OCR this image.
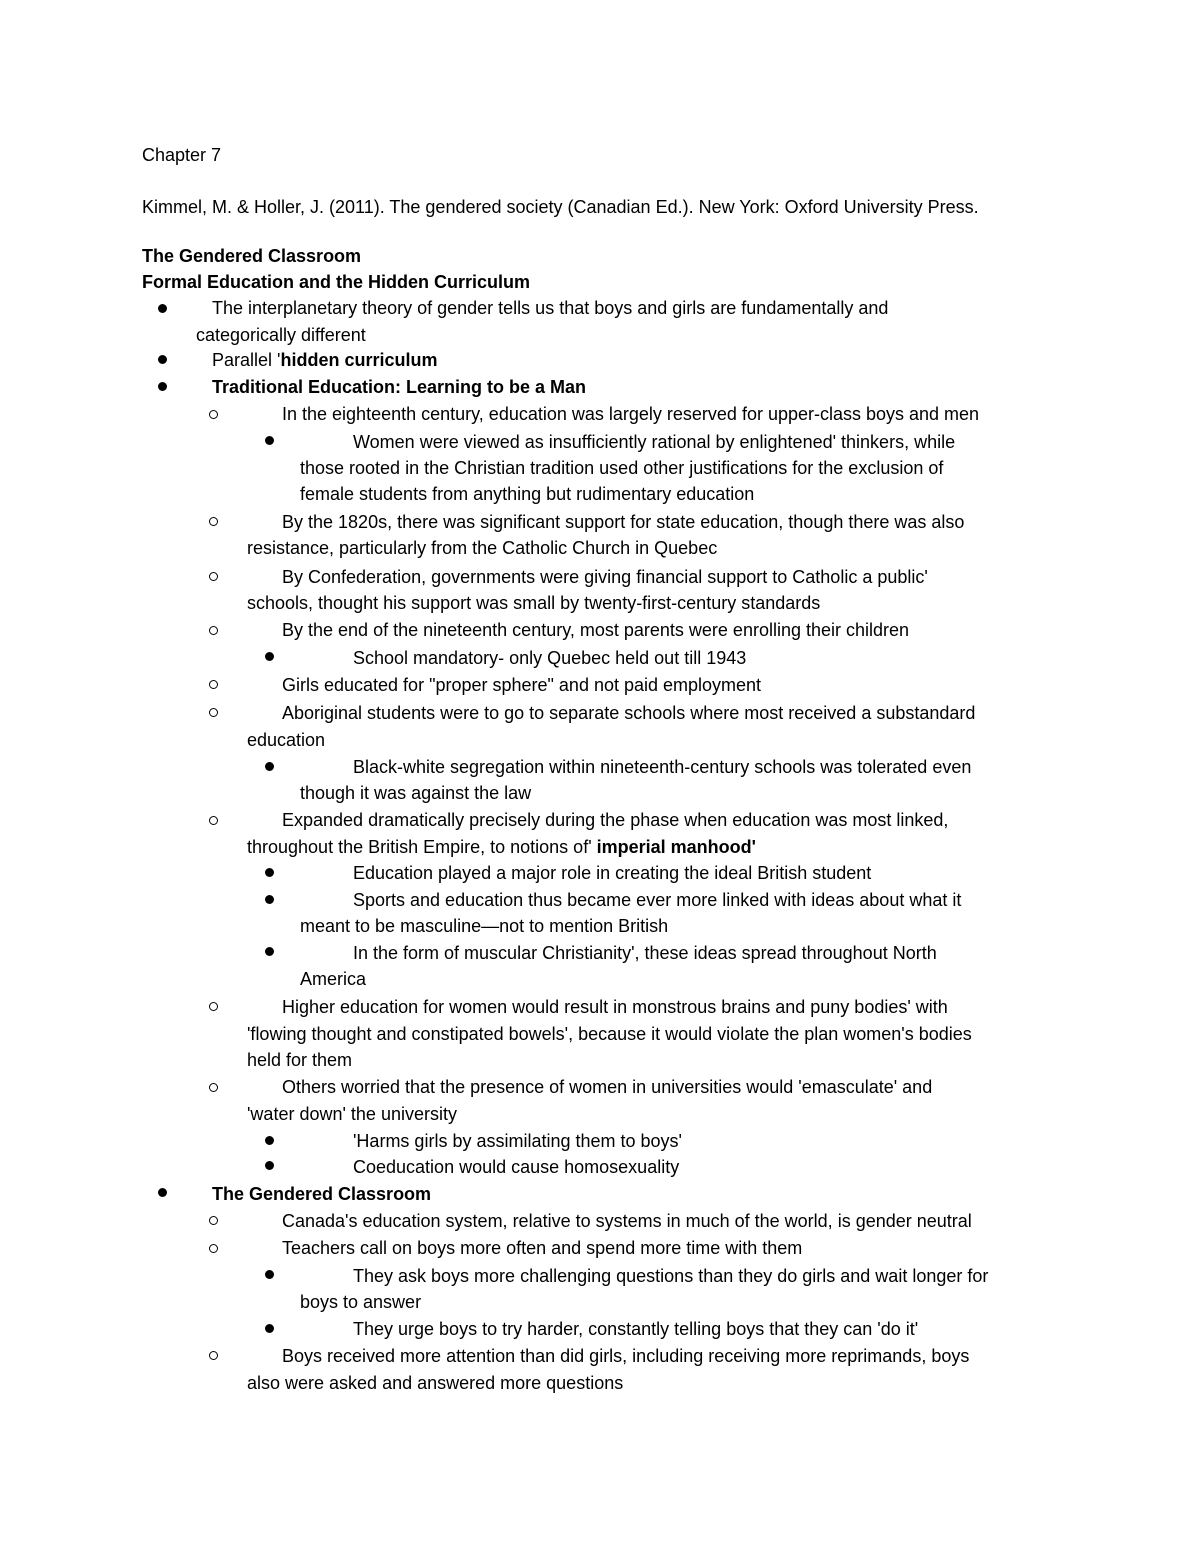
Chapter 7
Kimmel, M. & Holler, J. (2011). The gendered society (Canadian Ed.). New York: Oxford University Press.
The Gendered Classroom
Formal Education and the Hidden Curriculum
The interplanetary theory of gender tells us that boys and girls are fundamentally and
categorically different
Parallel 'hidden curriculum
Traditional Education: Learning to be a Man
In the eighteenth century, education was largely reserved for upper-class boys and men
Women were viewed as insufficiently rational by enlightened' thinkers, while
those rooted in the Christian tradition used other justifications for the exclusion of
female students from anything but rudimentary education
By the 1820s, there was significant support for state education, though there was also
resistance, particularly from the Catholic Church in Quebec
By Confederation, governments were giving financial support to Catholic a public'
schools, thought his support was small by twenty-first-century standards
By the end of the nineteenth century, most parents were enrolling their children
School mandatory- only Quebec held out till 1943
Girls educated for "proper sphere" and not paid employment
Aboriginal students were to go to separate schools where most received a substandard
education
Black-white segregation within nineteenth-century schools was tolerated even
though it was against the law
Expanded dramatically precisely during the phase when education was most linked,
throughout the British Empire, to notions of' imperial manhood'
Education played a major role in creating the ideal British student
Sports and education thus became ever more linked with ideas about what it
meant to be masculine—not to mention British
In the form of muscular Christianity', these ideas spread throughout North
America
Higher education for women would result in monstrous brains and puny bodies' with
'flowing thought and constipated bowels', because it would violate the plan women's bodies
held for them
Others worried that the presence of women in universities would 'emasculate' and
'water down' the university
'Harms girls by assimilating them to boys'
Coeducation would cause homosexuality
The Gendered Classroom
Canada's education system, relative to systems in much of the world, is gender neutral
Teachers call on boys more often and spend more time with them
They ask boys more challenging questions than they do girls and wait longer for
boys to answer
They urge boys to try harder, constantly telling boys that they can 'do it'
Boys received more attention than did girls, including receiving more reprimands, boys
also were asked and answered more questions
